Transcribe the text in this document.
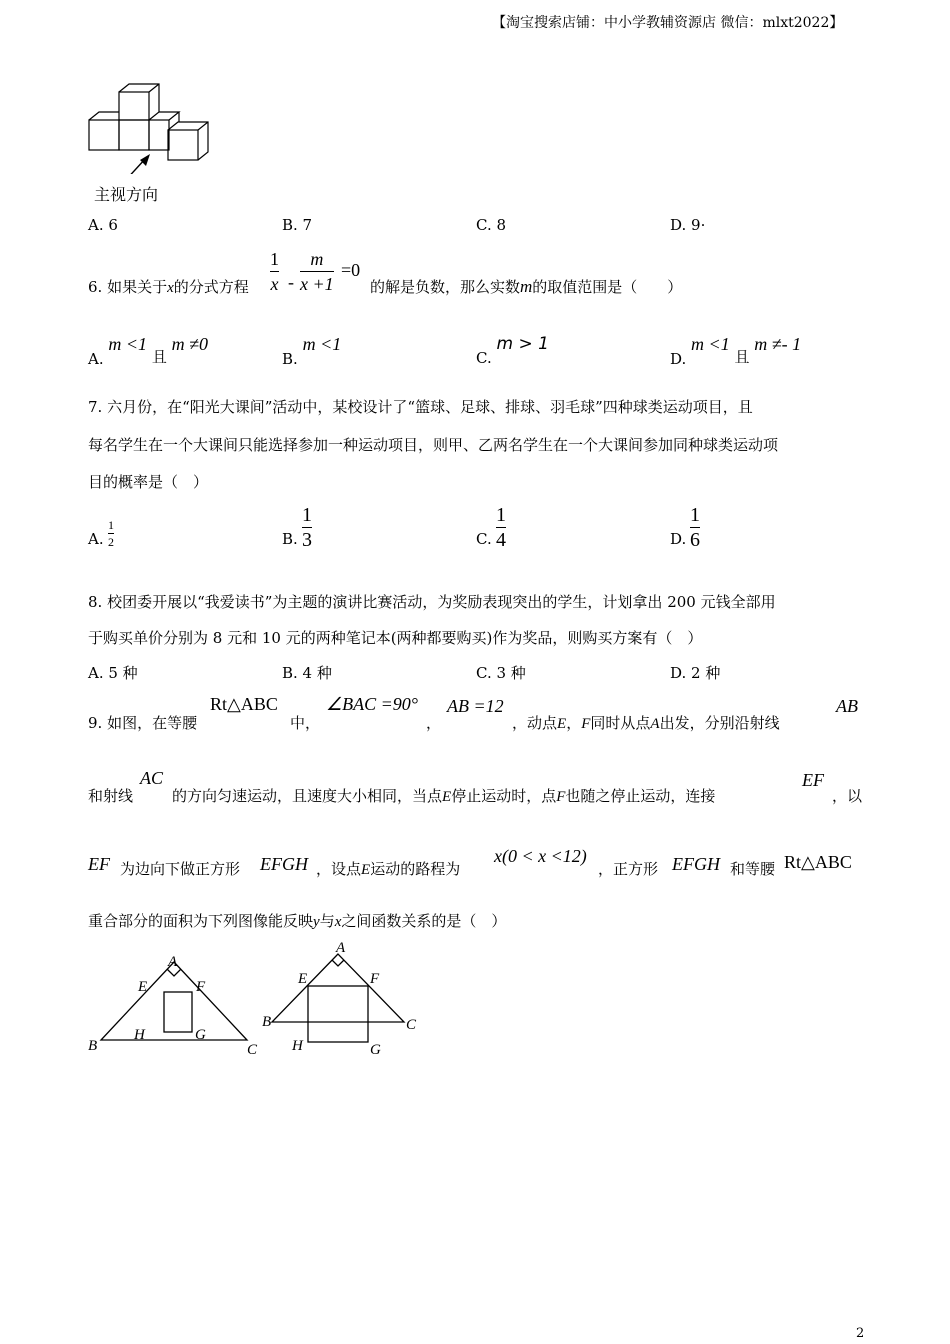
【淘宝搜索店铺：中小学教辅资源店 微信：mlxt2022】
主视方向
A. 6	B. 7	C. 8	D. 9·
6. 如果关于x的分式方程
1
x -
m
x +1
=0
的解是负数，那么实数m的取值范围是（　　）
A. m <1 且 m ≠0
B. m <1
C. m > 1
D. m <1 且 m ≠- 1
7. 六月份，在“阳光大课间”活动中，某校设计了“篮球、足球、排球、羽毛球”四种球类运动项目，且
每名学生在一个大课间只能选择参加一种运动项目，则甲、乙两名学生在一个大课间参加同种球类运动项
目的概率是（　）
A.
1
2	B.
1
3	C.
1
4	D.
1
6
8. 校团委开展以“我爱读书”为主题的演讲比赛活动，为奖励表现突出的学生，计划拿出 200 元钱全部用
于购买单价分别为 8 元和 10 元的两种笔记本(两种都要购买)作为奖品，则购买方案有（　）
A. 5 种	B. 4 种	C. 3 种	D. 2 种
9. 如图，在等腰
Rt△ABC
中，
∠BAC =90°
，
AB =12
，动点E，F同时从点A出发，分别沿射线
AB
和射线
AC
的方向匀速运动，且速度大小相同，当点E停止运动时，点F也随之停止运动，连接
EF
，以
EF 为边向下做正方形 EFGH ，设点E运动的路程为
x(0 < x <12)
，正方形 EFGH 和等腰 Rt△ABC
重合部分的面积为下列图像能反映y与x之间函数关系的是（　）
A
E	F
H	G
B	C
A
E	F
B	C
H	G
2
